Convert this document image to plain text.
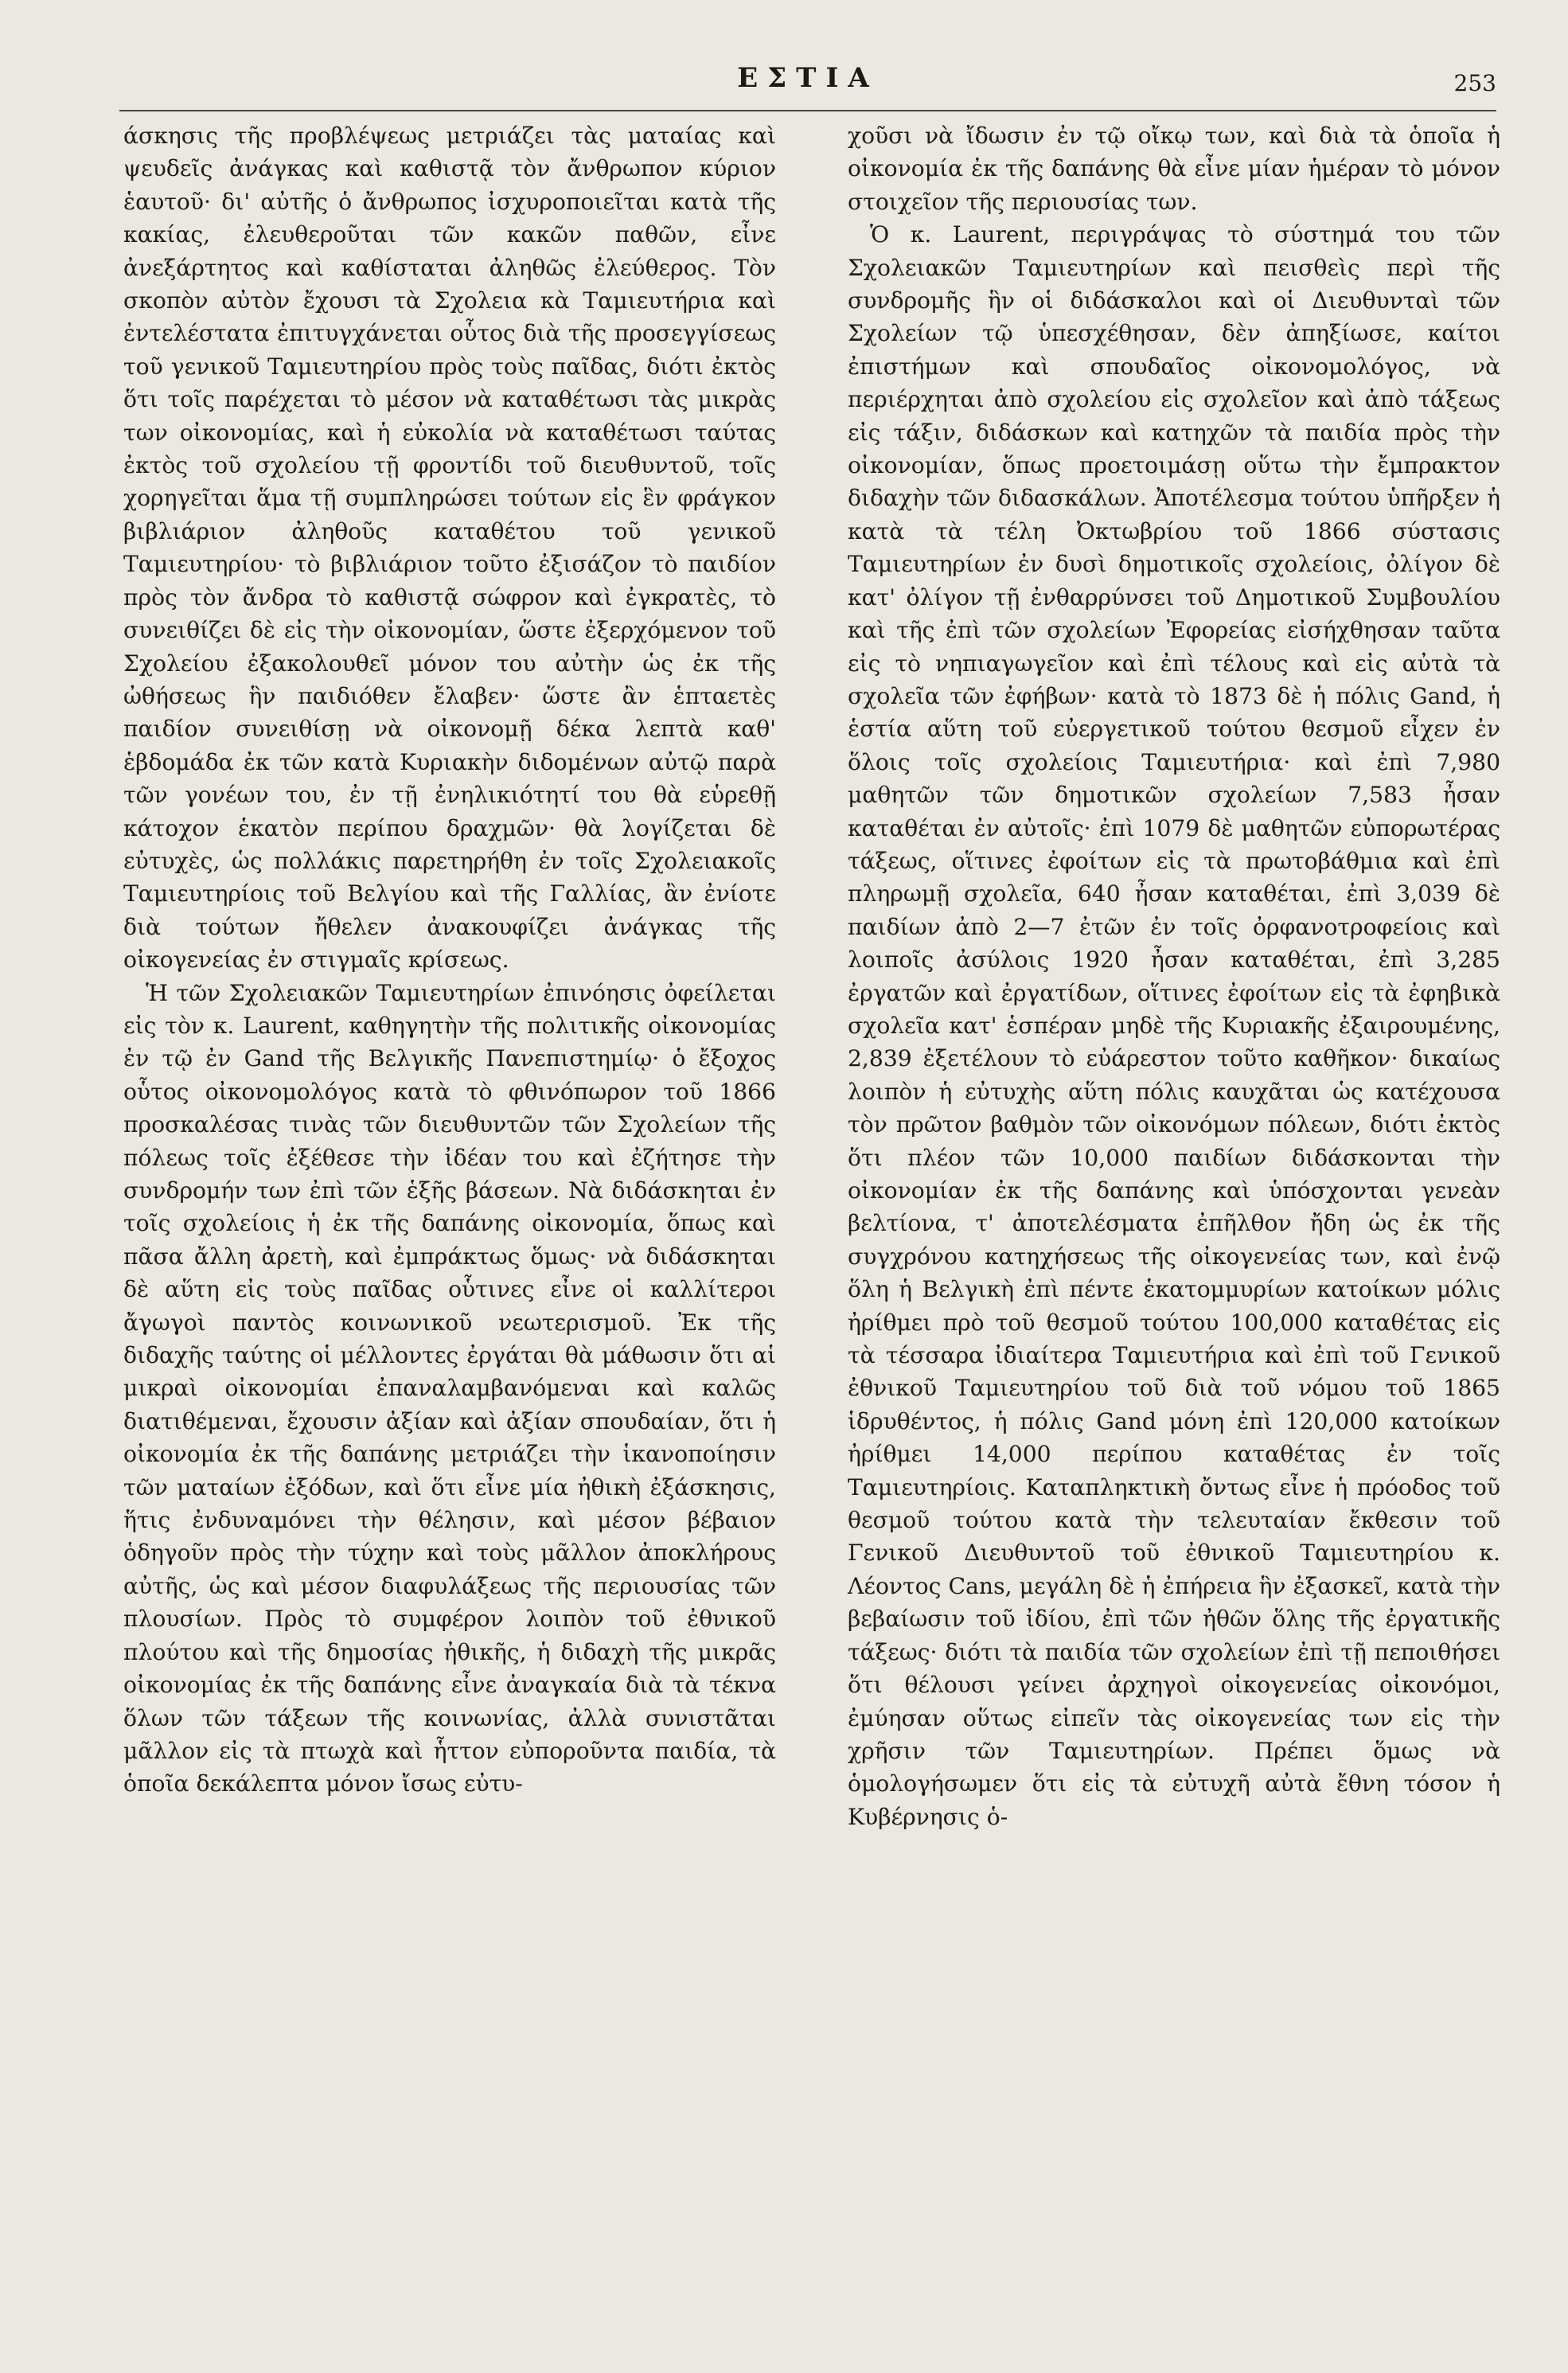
ΕΣΤΙΑ	253

άσκησις τῆς προβλέψεως μετριάζει τὰς ματαίας καὶ ψευδεῖς ἀνάγκας καὶ καθιστᾷ τὸν ἄνθρωπον κύριον ἑαυτοῦ· δι' αὐτῆς ὁ ἄνθρωπος ἰσχυροποιεῖται κατὰ τῆς κακίας, ἐλευθεροῦται τῶν κακῶν παθῶν, εἶνε ἀνεξάρτητος καὶ καθίσταται ἀληθῶς ἐλεύθερος. Τὸν σκοπὸν αὐτὸν ἔχουσι τὰ Σχολεια κὰ Ταμιευτήρια καὶ ἐντελέστατα ἐπιτυγχάνεται οὗτος διὰ τῆς προσεγγίσεως τοῦ γενικοῦ Ταμιευτηρίου πρὸς τοὺς παῖδας, διότι ἐκτὸς ὅτι τοῖς παρέχεται τὸ μέσον νὰ καταθέτωσι τὰς μικρὰς των οἰκονομίας, καὶ ἡ εὐκολία νὰ καταθέτωσι ταύτας ἐκτὸς τοῦ σχολείου τῇ φροντίδι τοῦ διευθυντοῦ, τοῖς χορηγεῖται ἅμα τῇ συμπληρώσει τούτων εἰς ἓν φράγκον βιβλιάριον ἀληθοῦς καταθέτου τοῦ γενικοῦ Ταμιευτηρίου· τὸ βιβλιάριον τοῦτο ἐξισάζον τὸ παιδίον πρὸς τὸν ἄνδρα τὸ καθιστᾷ σώφρον καὶ ἐγκρατὲς, τὸ συνειθίζει δὲ εἰς τὴν οἰκονομίαν, ὥστε ἐξερχόμενον τοῦ Σχολείου ἐξακολουθεῖ μόνον του αὐτὴν ὡς ἐκ τῆς ὠθήσεως ἣν παιδιόθεν ἔλαβεν· ὥστε ἂν ἑπταετὲς παιδίον συνειθίσῃ νὰ οἰκονομῇ δέκα λεπτὰ καθ' ἑβδομάδα ἐκ τῶν κατὰ Κυριακὴν διδομένων αὐτῷ παρὰ τῶν γονέων του, ἐν τῇ ἐνηλικιότητί του θὰ εὑρεθῇ κάτοχον ἑκατὸν περίπου δραχμῶν· θὰ λογίζεται δὲ εὐτυχὲς, ὡς πολλάκις παρετηρήθη ἐν τοῖς Σχολειακοῖς Ταμιευτηρίοις τοῦ Βελγίου καὶ τῆς Γαλλίας, ἂν ἐνίοτε διὰ τούτων ἤθελεν ἀνακουφίζει ἀνάγκας τῆς οἰκογενείας ἐν στιγμαῖς κρίσεως.

Ἡ τῶν Σχολειακῶν Ταμιευτηρίων ἐπινόησις ὀφείλεται εἰς τὸν κ. Laurent, καθηγητὴν τῆς πολιτικῆς οἰκονομίας ἐν τῷ ἐν Gand τῆς Βελγικῆς Πανεπιστημίῳ· ὁ ἔξοχος οὗτος οἰκονομολόγος κατὰ τὸ φθινόπωρον τοῦ 1866 προσκαλέσας τινὰς τῶν διευθυντῶν τῶν Σχολείων τῆς πόλεως τοῖς ἐξέθεσε τὴν ἰδέαν του καὶ ἐζήτησε τὴν συνδρομήν των ἐπὶ τῶν ἑξῆς βάσεων. Νὰ διδάσκηται ἐν τοῖς σχολείοις ἡ ἐκ τῆς δαπάνης οἰκονομία, ὅπως καὶ πᾶσα ἄλλη ἀρετὴ, καὶ ἐμπράκτως ὅμως· νὰ διδάσκηται δὲ αὕτη εἰς τοὺς παῖδας οὗτινες εἶνε οἱ καλλίτεροι ἄγωγοὶ παντὸς κοινωνικοῦ νεωτερισμοῦ. Ἐκ τῆς διδαχῆς ταύτης οἱ μέλλοντες ἐργάται θὰ μάθωσιν ὅτι αἱ μικραὶ οἰκονομίαι ἐπαναλαμβανόμεναι καὶ καλῶς διατιθέμεναι, ἔχουσιν ἀξίαν καὶ ἀξίαν σπουδαίαν, ὅτι ἡ οἰκονομία ἐκ τῆς δαπάνης μετριάζει τὴν ἱκανοποίησιν τῶν ματαίων ἐξόδων, καὶ ὅτι εἶνε μία ἠθικὴ ἐξάσκησις, ἥτις ἐνδυναμόνει τὴν θέλησιν, καὶ μέσον βέβαιον ὁδηγοῦν πρὸς τὴν τύχην καὶ τοὺς μᾶλλον ἀποκλήρους αὐτῆς, ὡς καὶ μέσον διαφυλάξεως τῆς περιουσίας τῶν πλουσίων. Πρὸς τὸ συμφέρον λοιπὸν τοῦ ἐθνικοῦ πλούτου καὶ τῆς δημοσίας ἠθικῆς, ἡ διδαχὴ τῆς μικρᾶς οἰκονομίας ἐκ τῆς δαπάνης εἶνε ἀναγκαία διὰ τὰ τέκνα ὅλων τῶν τάξεων τῆς κοινωνίας, ἀλλὰ συνιστᾶται μᾶλλον εἰς τὰ πτωχὰ καὶ ἧττον εὐποροῦντα παιδία, τὰ ὁποῖα δεκάλεπτα μόνον ἴσως εὐτυ-

χοῦσι νὰ ἴδωσιν ἐν τῷ οἴκῳ των, καὶ διὰ τὰ ὁποῖα ἡ οἰκονομία ἐκ τῆς δαπάνης θὰ εἶνε μίαν ἡμέραν τὸ μόνον στοιχεῖον τῆς περιουσίας των.

Ὁ κ. Laurent, περιγράψας τὸ σύστημά του τῶν Σχολειακῶν Ταμιευτηρίων καὶ πεισθεὶς περὶ τῆς συνδρομῆς ἣν οἱ διδάσκαλοι καὶ οἱ Διευθυνταὶ τῶν Σχολείων τῷ ὑπεσχέθησαν, δὲν ἀπηξίωσε, καίτοι ἐπιστήμων καὶ σπουδαῖος οἰκονομολόγος, νὰ περιέρχηται ἀπὸ σχολείου εἰς σχολεῖον καὶ ἀπὸ τάξεως εἰς τάξιν, διδάσκων καὶ κατηχῶν τὰ παιδία πρὸς τὴν οἰκονομίαν, ὅπως προετοιμάσῃ οὕτω τὴν ἔμπρακτον διδαχὴν τῶν διδασκάλων. Ἀποτέλεσμα τούτου ὑπῆρξεν ἡ κατὰ τὰ τέλη Ὀκτωβρίου τοῦ 1866 σύστασις Ταμιευτηρίων ἐν δυσὶ δημοτικοῖς σχολείοις, ὀλίγον δὲ κατ' ὀλίγον τῇ ἐνθαρρύνσει τοῦ Δημοτικοῦ Συμβουλίου καὶ τῆς ἐπὶ τῶν σχολείων Ἐφορείας εἰσήχθησαν ταῦτα εἰς τὸ νηπιαγωγεῖον καὶ ἐπὶ τέλους καὶ εἰς αὐτὰ τὰ σχολεῖα τῶν ἐφήβων· κατὰ τὸ 1873 δὲ ἡ πόλις Gand, ἡ ἑστία αὕτη τοῦ εὐεργετικοῦ τούτου θεσμοῦ εἶχεν ἐν ὅλοις τοῖς σχολείοις Ταμιευτήρια· καὶ ἐπὶ 7,980 μαθητῶν τῶν δημοτικῶν σχολείων 7,583 ἦσαν καταθέται ἐν αὐτοῖς· ἐπὶ 1079 δὲ μαθητῶν εὐπορωτέρας τάξεως, οἵτινες ἐφοίτων εἰς τὰ πρωτοβάθμια καὶ ἐπὶ πληρωμῇ σχολεῖα, 640 ἦσαν καταθέται, ἐπὶ 3,039 δὲ παιδίων ἀπὸ 2—7 ἐτῶν ἐν τοῖς ὀρφανοτροφείοις καὶ λοιποῖς ἀσύλοις 1920 ἦσαν καταθέται, ἐπὶ 3,285 ἐργατῶν καὶ ἐργατίδων, οἵτινες ἐφοίτων εἰς τὰ ἐφηβικὰ σχολεῖα κατ' ἑσπέραν μηδὲ τῆς Κυριακῆς ἐξαιρουμένης, 2,839 ἐξετέλουν τὸ εὐάρεστον τοῦτο καθῆκον· δικαίως λοιπὸν ἡ εὐτυχὴς αὕτη πόλις καυχᾶται ὡς κατέχουσα τὸν πρῶτον βαθμὸν τῶν οἰκονόμων πόλεων, διότι ἐκτὸς ὅτι πλέον τῶν 10,000 παιδίων διδάσκονται τὴν οἰκονομίαν ἐκ τῆς δαπάνης καὶ ὑπόσχονται γενεὰν βελτίονα, τ' ἀποτελέσματα ἐπῆλθον ἤδη ὡς ἐκ τῆς συγχρόνου κατηχήσεως τῆς οἰκογενείας των, καὶ ἐνῷ ὅλη ἡ Βελγικὴ ἐπὶ πέντε ἑκατομμυρίων κατοίκων μόλις ἠρίθμει πρὸ τοῦ θεσμοῦ τούτου 100,000 καταθέτας εἰς τὰ τέσσαρα ἰδιαίτερα Ταμιευτήρια καὶ ἐπὶ τοῦ Γενικοῦ ἐθνικοῦ Ταμιευτηρίου τοῦ διὰ τοῦ νόμου τοῦ 1865 ἱδρυθέντος, ἡ πόλις Gand μόνη ἐπὶ 120,000 κατοίκων ἠρίθμει 14,000 περίπου καταθέτας ἐν τοῖς Ταμιευτηρίοις. Καταπληκτικὴ ὄντως εἶνε ἡ πρόοδος τοῦ θεσμοῦ τούτου κατὰ τὴν τελευταίαν ἔκθεσιν τοῦ Γενικοῦ Διευθυντοῦ τοῦ ἐθνικοῦ Ταμιευτηρίου κ. Λέοντος Cans, μεγάλη δὲ ἡ ἐπήρεια ἣν ἐξασκεῖ, κατὰ τὴν βεβαίωσιν τοῦ ἰδίου, ἐπὶ τῶν ἠθῶν ὅλης τῆς ἐργατικῆς τάξεως· διότι τὰ παιδία τῶν σχολείων ἐπὶ τῇ πεποιθήσει ὅτι θέλουσι γείνει ἀρχηγοὶ οἰκογενείας οἰκονόμοι, ἐμύησαν οὕτως εἰπεῖν τὰς οἰκογενείας των εἰς τὴν χρῆσιν τῶν Ταμιευτηρίων. Πρέπει ὅμως νὰ ὁμολογήσωμεν ὅτι εἰς τὰ εὐτυχῆ αὐτὰ ἔθνη τόσον ἡ Κυβέρνησις ὁ-
